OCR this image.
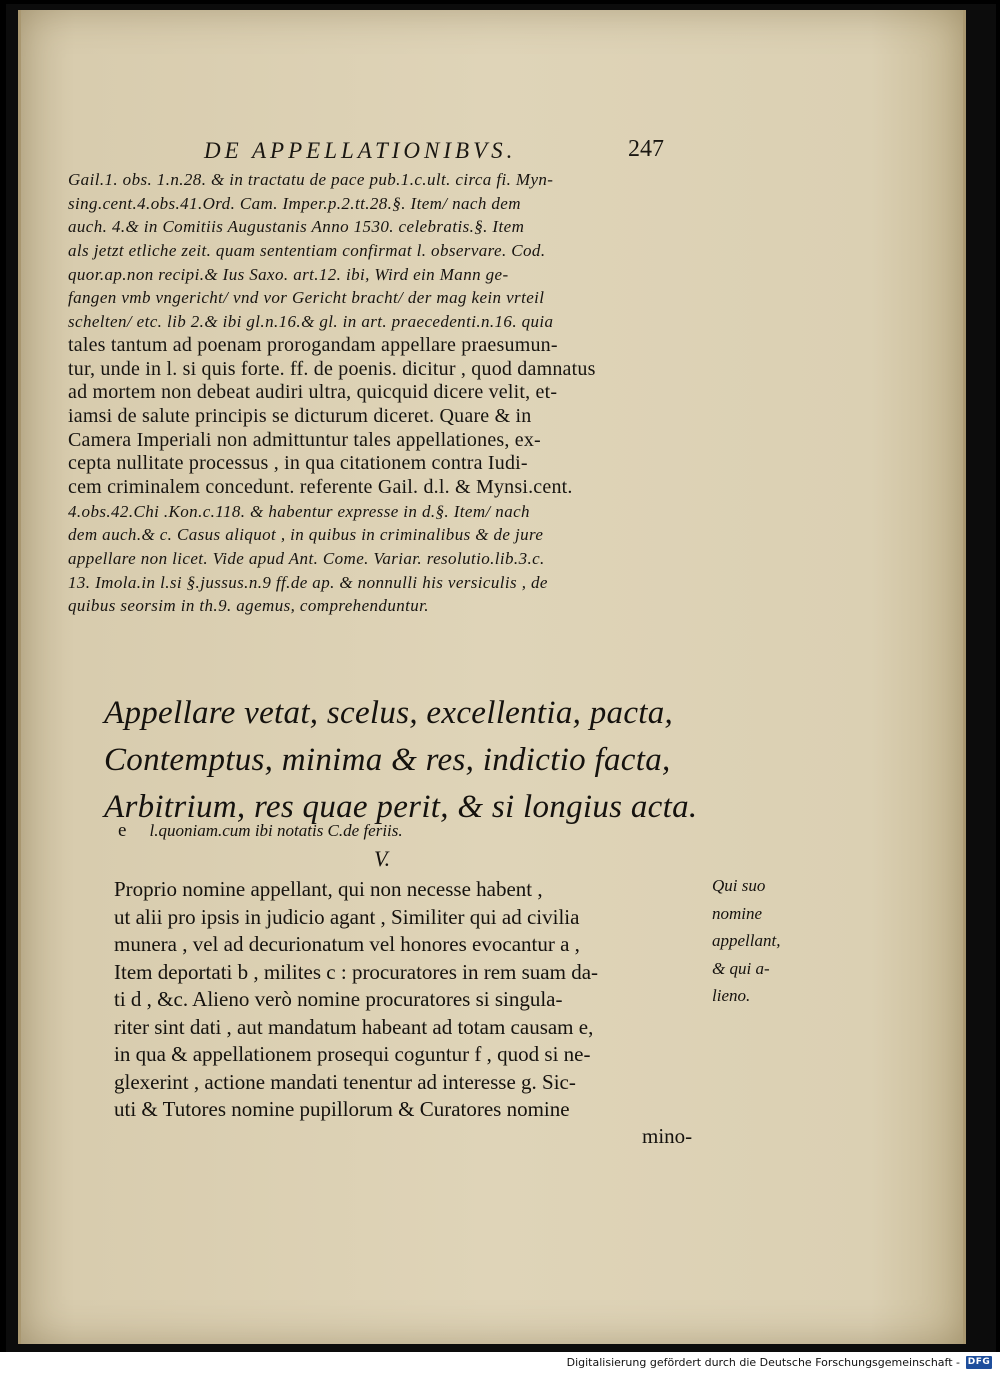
DE APPELLATIONIBVS.	247
Gail.1. obs. 1.n.28. & in tractatu de pace pub.1.c.ult. circa fi. Myn-
sing.cent.4.obs.41.Ord. Cam. Imper.p.2.tt.28.§. Item/ nach dem
auch. 4.& in Comitiis Augustanis Anno 1530. celebratis.§. Item
als jetzt etliche zeit. quam sententiam confirmat l. observare. Cod.
quor.ap.non recipi.& Ius Saxo. art.12. ibi, Wird ein Mann ge-
fangen vmb vngericht/ vnd vor Gericht bracht/ der mag kein vrteil
schelten/ etc. lib 2.& ibi gl.n.16.& gl. in art. praecedenti.n.16. quia
tales tantum ad poenam prorogandam appellare praesumun-
tur, unde in l. si quis forte. ff. de poenis. dicitur , quod damnatus
ad mortem non debeat audiri ultra, quicquid dicere velit, et-
iamsi de salute principis se dicturum diceret. Quare & in
Camera Imperiali non admittuntur tales appellationes, ex-
cepta nullitate processus , in qua citationem contra Iudi-
cem criminalem concedunt. referente Gail. d.l. & Mynsi.cent.
4.obs.42.Chi .Kon.c.118. & habentur expresse in d.§. Item/ nach
dem auch.& c. Casus aliquot , in quibus in criminalibus & de jure
appellare non licet. Vide apud Ant. Come. Variar. resolutio.lib.3.c.
13. Imola.in l.si §.jussus.n.9 ff.de ap. & nonnulli his versiculis , de
quibus seorsim in th.9. agemus, comprehenduntur.
Appellare vetat, scelus, excellentia, pacta,
Contemptus, minima & res, indictio facta,
Arbitrium, res quae perit, & si longius acta.
e l.quoniam.cum ibi notatis C.de feriis.
V.
Proprio nomine appellant, qui non necesse habent ,
ut alii pro ipsis in judicio agant , Similiter qui ad civilia
munera , vel ad decurionatum vel honores evocantur a ,
Item deportati b , milites c : procuratores in rem suam da-
ti d , &c. Alieno verò nomine procuratores si singula-
riter sint dati , aut mandatum habeant ad totam causam e,
in qua & appellationem prosequi coguntur f , quod si ne-
glexerint , actione mandati tenentur ad interesse g. Sic-
uti & Tutores nomine pupillorum & Curatores nomine
mino-
Qui suo
nomine
appellant,
& qui a-
lieno.
Digitalisierung gefördert durch die Deutsche Forschungsgemeinschaft - DFG
